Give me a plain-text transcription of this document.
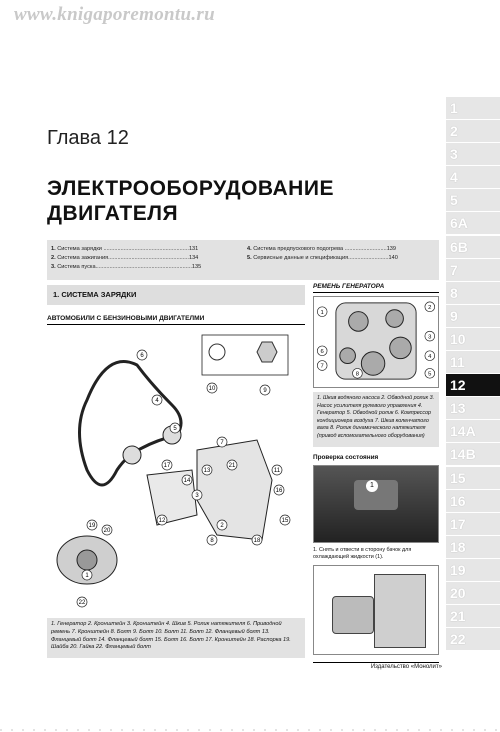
www.knigaporemontu.ru
Глава 12
ЭЛЕКТРООБОРУДОВАНИЕ
ДВИГАТЕЛЯ
1. Система зарядки .......................................................131
2. Система зажигания....................................................134
3. Система пуска..............................................................135
4. Система предпускового подогрева ...........................139
5. Сервисные данные и спецификация..........................140
1. СИСТЕМА ЗАРЯДКИ
АВТОМОБИЛИ С БЕНЗИНОВЫМИ ДВИГАТЕЛМИ
1
2
3
4
5
6
7
8
9
10
11
12
13
14
15
16
17
18
19
20
21
22
1. Генератор 2. Кронштейн 3. Кронштейн 4. Шкив 5. Ролик натяжителя 6. Приводной ремень 7. Кронштейн 8. Болт 9. Болт 10. Болт 11. Болт 12. Фланцевый болт 13. Фланцевый болт 14. Фланцевый болт 15. Болт 16. Болт 17. Кронштейн 18. Распорка 19. Шайба 20. Гайка 22. Фланцевый болт
РЕМЕНЬ ГЕНЕРАТОРА
1
2
3
4
5
6
7
8
1. Шкив водяного насоса 2. Обводной ролик 3. Насос усилителя рулевого управления 4. Генератор 5. Обводной ролик 6. Компрессор кондиционера воздуха 7. Шкив коленчатого вала 8. Ролик динамического натяжителя (привод вспомогательного оборудования)
Проверка состояния
1
1. Снять и отвести в сторону бачок для охлаждающей жидкости (1).
Издательство «Монолит»
1
2
3
4
5
6A
6B
7
8
9
10
11
12
13
14A
14B
15
16
17
18
19
20
21
22
